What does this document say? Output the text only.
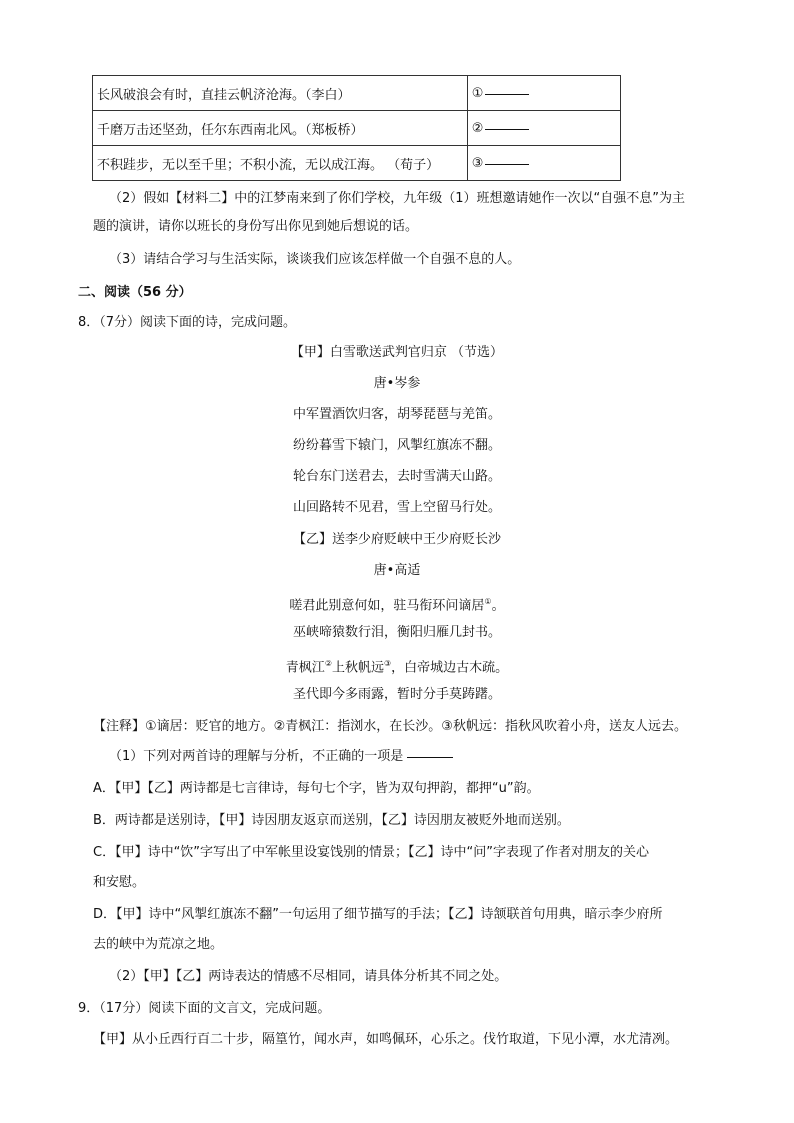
长风破浪会有时，直挂云帆济沧海。（李白）	①
千磨万击还坚劲，任尔东西南北风。（郑板桥）	②
不积跬步，无以至千里；不积小流，无以成江海。 （荀子）	③
（2）假如【材料二】中的江梦南来到了你们学校，九年级（1）班想邀请她作一次以“自强不息”为主
题的演讲，请你以班长的身份写出你见到她后想说的话。
（3）请结合学习与生活实际，谈谈我们应该怎样做一个自强不息的人。
二、阅读（56 分）
8．（7分）阅读下面的诗，完成问题。
【甲】白雪歌送武判官归京 （节选）
唐•岑参
中军置酒饮归客，胡琴琵琶与羌笛。
纷纷暮雪下辕门，风掣红旗冻不翻。
轮台东门送君去，去时雪满天山路。
山回路转不见君，雪上空留马行处。
【乙】送李少府贬峡中王少府贬长沙
唐•高适
嗟君此别意何如，驻马衔环问谪居①。
巫峡啼猿数行泪，衡阳归雁几封书。
青枫江②上秋帆远③，白帝城边古木疏。
圣代即今多雨露，暂时分手莫踌躇。
【注释】①谪居：贬官的地方。②青枫江：指浏水，在长沙。③秋帆远：指秋风吹着小舟，送友人远去。
（1）下列对两首诗的理解与分析，不正确的一项是
A．【甲】【乙】两诗都是七言律诗，每句七个字，皆为双句押韵，都押“u”韵。
B．两诗都是送别诗，【甲】诗因朋友返京而送别，【乙】诗因朋友被贬外地而送别。
C．【甲】诗中“饮”字写出了中军帐里设宴饯别的情景；【乙】诗中“问”字表现了作者对朋友的关心
和安慰。
D．【甲】诗中“风掣红旗冻不翻”一句运用了细节描写的手法；【乙】诗颔联首句用典，暗示李少府所
去的峡中为荒凉之地。
（2）【甲】【乙】两诗表达的情感不尽相同，请具体分析其不同之处。
9．（17分）阅读下面的文言文，完成问题。
【甲】从小丘西行百二十步，隔篁竹，闻水声，如鸣佩环，心乐之。伐竹取道，下见小潭，水尤清冽。
